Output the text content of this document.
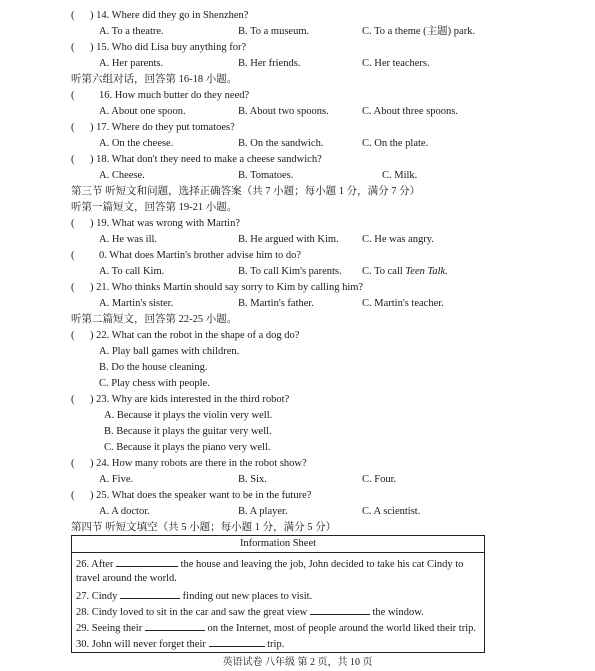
( ) 14. Where did they go in Shenzhen?
A. To a theatre.	B. To a museum.	C. To a theme (主题) park.
( ) 15. Who did Lisa buy anything for?
A. Her parents.	B. Her friends.	C. Her teachers.
听第六组对话，回答第 16-18 小题。
( 16. How much butter do they need?
A. About one spoon.	B. About two spoons.	C. About three spoons.
( ) 17. Where do they put tomatoes?
A. On the cheese.	B. On the sandwich.	C. On the plate.
( ) 18. What don't they need to make a cheese sandwich?
A. Cheese.	B. Tomatoes.	C. Milk.
第三节 听短文和问题，选择正确答案（共 7 小题；每小题 1 分，满分 7 分）
听第一篇短文，回答第 19-21 小题。
( ) 19. What was wrong with Martin?
A. He was ill.	B. He argued with Kim. C. He was angry.
( 0. What does Martin's brother advise him to do?
A. To call Kim.	B. To call Kim's parents. C. To call Teen Talk.
( ) 21. Who thinks Martin should say sorry to Kim by calling him?
A. Martin's sister.	B. Martin's father.	C. Martin's teacher.
听第二篇短文，回答第 22-25 小题。
( ) 22. What can the robot in the shape of a dog do?
A. Play ball games with children.
B. Do the house cleaning.
C. Play chess with people.
( ) 23. Why are kids interested in the third robot?
A. Because it plays the violin very well.
B. Because it plays the guitar very well.
C. Because it plays the piano very well.
( ) 24. How many robots are there in the robot show?
A. Five.	B. Six.	C. Four.
( ) 25. What does the speaker want to be in the future?
A. A doctor.	B. A player.	C. A scientist.
第四节 听短文填空（共 5 小题；每小题 1 分，满分 5 分）
Information Sheet
26. After	the house and leaving the job, John decided to take his cat Cindy to
travel around the world.
27. Cindy	finding out new places to visit.
28. Cindy loved to sit in the car and saw the great view	the window.
29. Seeing their	on the Internet, most of people around the world liked their trip.
30. John will never forget their	trip.
英语试卷 八年级 第 2 页，共 10 页
